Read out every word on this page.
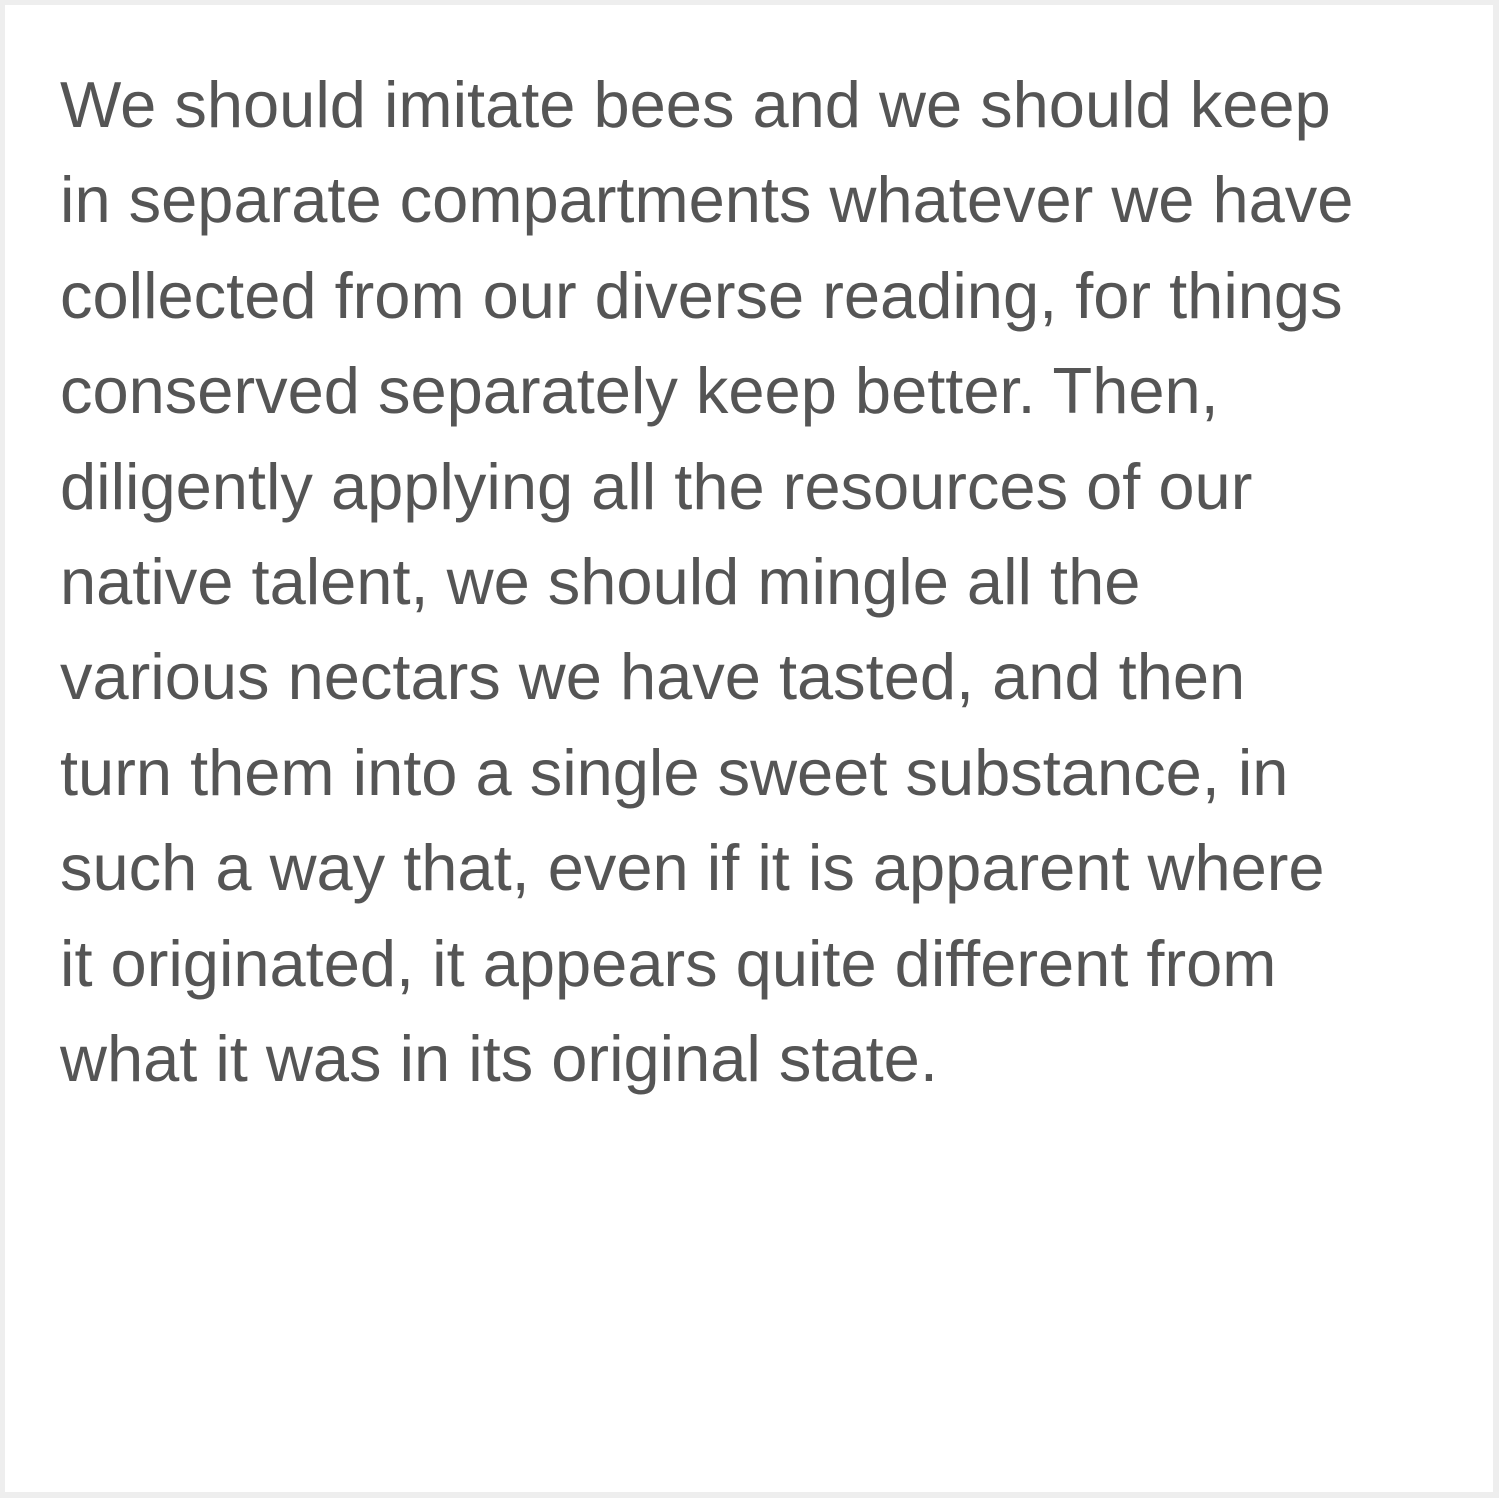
We should imitate bees and we should keep
in separate compartments whatever we have
collected from our diverse reading, for things
conserved separately keep better. Then,
diligently applying all the resources of our
native talent, we should mingle all the
various nectars we have tasted, and then
turn them into a single sweet substance, in
such a way that, even if it is apparent where
it originated, it appears quite different from
what it was in its original state.
